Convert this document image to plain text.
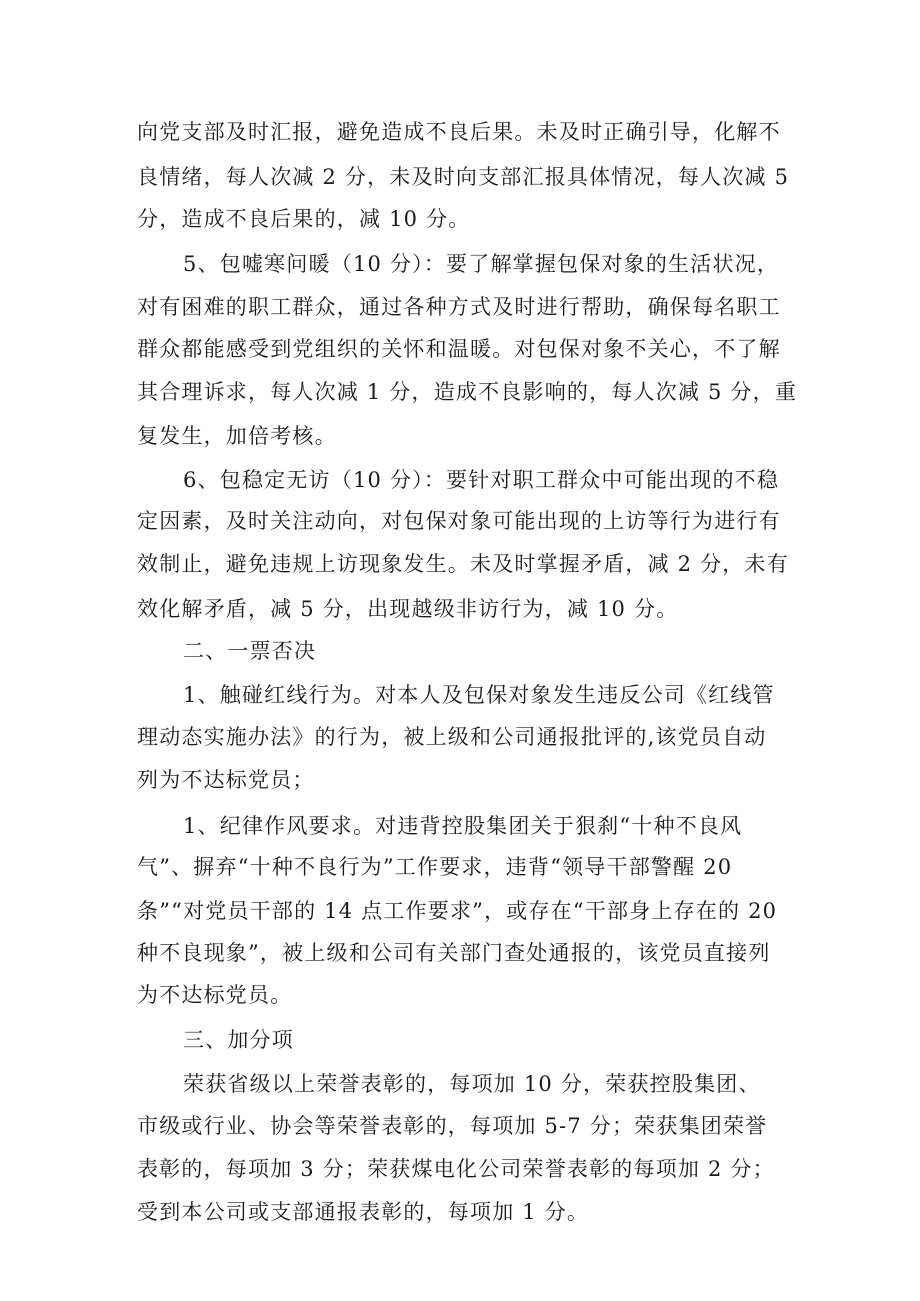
向党支部及时汇报，避免造成不良后果。未及时正确引导，化解不
良情绪，每人次减 2 分，未及时向支部汇报具体情况，每人次减 5
分，造成不良后果的，减 10 分。
5、包嘘寒问暖（10 分）：要了解掌握包保对象的生活状况，
对有困难的职工群众，通过各种方式及时进行帮助，确保每名职工
群众都能感受到党组织的关怀和温暖。对包保对象不关心，不了解
其合理诉求，每人次减 1 分，造成不良影响的，每人次减 5 分，重
复发生，加倍考核。
6、包稳定无访（10 分）：要针对职工群众中可能出现的不稳
定因素，及时关注动向，对包保对象可能出现的上访等行为进行有
效制止，避免违规上访现象发生。未及时掌握矛盾，减 2 分，未有
效化解矛盾，减 5 分，出现越级非访行为，减 10 分。
二、一票否决
1、触碰红线行为。对本人及包保对象发生违反公司《红线管
理动态实施办法》的行为，被上级和公司通报批评的,该党员自动
列为不达标党员；
1、纪律作风要求。对违背控股集团关于狠刹“十种不良风
气”、摒弃“十种不良行为”工作要求，违背“领导干部警醒 20
条”“对党员干部的 14 点工作要求”，或存在“干部身上存在的 20
种不良现象”，被上级和公司有关部门查处通报的，该党员直接列
为不达标党员。
三、加分项
荣获省级以上荣誉表彰的，每项加 10 分，荣获控股集团、
市级或行业、协会等荣誉表彰的，每项加 5-7 分；荣获集团荣誉
表彰的，每项加 3 分；荣获煤电化公司荣誉表彰的每项加 2 分；
受到本公司或支部通报表彰的，每项加 1 分。
